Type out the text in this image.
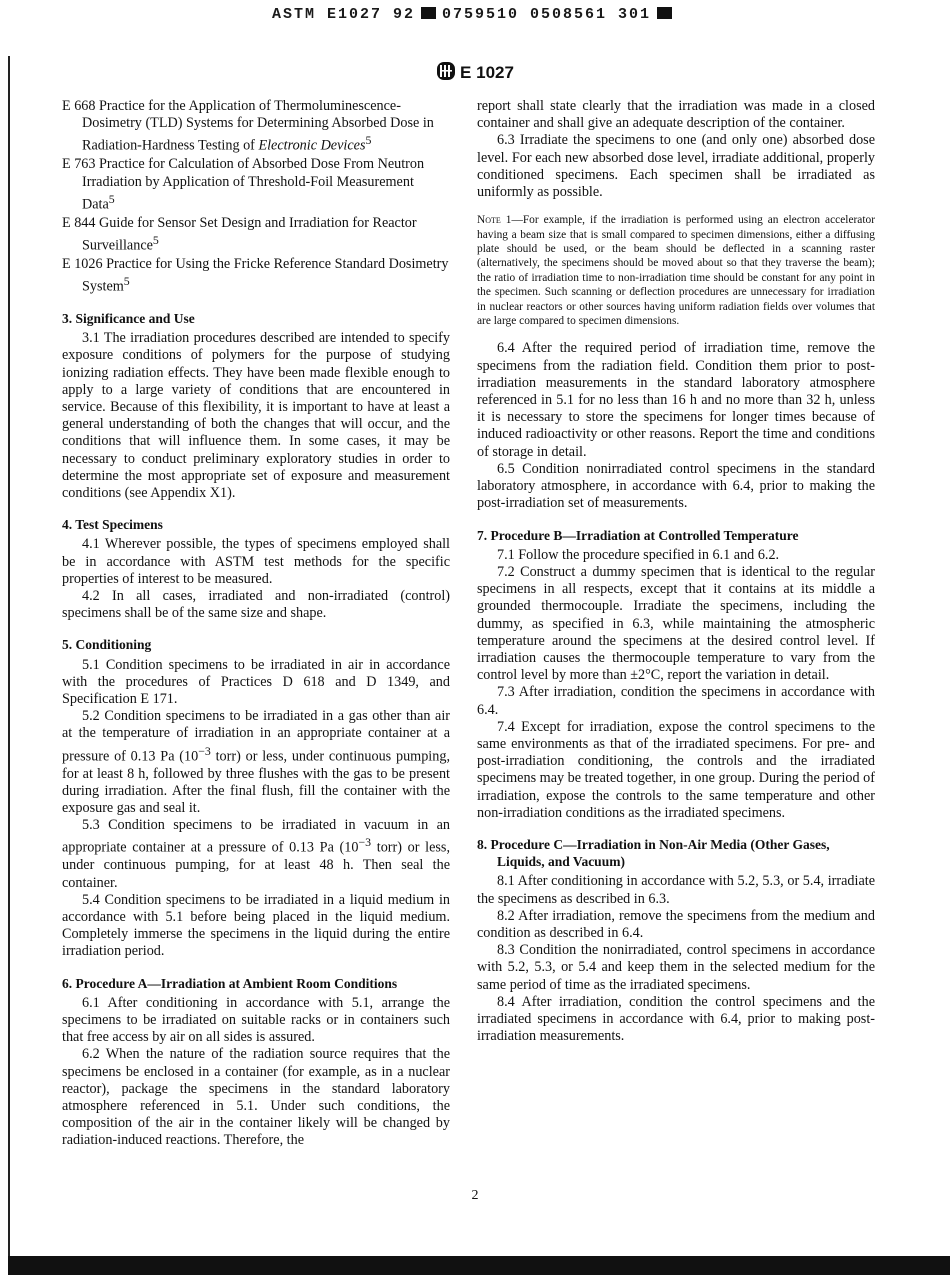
ASTM E1027 92 0759510 0508561 301
E 1027

E 668 Practice for the Application of Thermoluminescence-Dosimetry (TLD) Systems for Determining Absorbed Dose in Radiation-Hardness Testing of Electronic Devices$^5$

E 763 Practice for Calculation of Absorbed Dose From Neutron Irradiation by Application of Threshold-Foil Measurement Data$^5$

E 844 Guide for Sensor Set Design and Irradiation for Reactor Surveillance$^5$

E 1026 Practice for Using the Fricke Reference Standard Dosimetry System$^5$

3. Significance and Use

3.1 The irradiation procedures described are intended to specify exposure conditions of polymers for the purpose of studying ionizing radiation effects. They have been made flexible enough to apply to a large variety of conditions that are encountered in service. Because of this flexibility, it is important to have at least a general understanding of both the changes that will occur, and the conditions that will influence them. In some cases, it may be necessary to conduct preliminary exploratory studies in order to determine the most appropriate set of exposure and measurement conditions (see Appendix X1).

4. Test Specimens

4.1 Wherever possible, the types of specimens employed shall be in accordance with ASTM test methods for the specific properties of interest to be measured.

4.2 In all cases, irradiated and non-irradiated (control) specimens shall be of the same size and shape.

5. Conditioning

5.1 Condition specimens to be irradiated in air in accordance with the procedures of Practices D 618 and D 1349, and Specification E 171.

5.2 Condition specimens to be irradiated in a gas other than air at the temperature of irradiation in an appropriate container at a pressure of 0.13 Pa ($10^{-3}$ torr) or less, under continuous pumping, for at least 8 h, followed by three flushes with the gas to be present during irradiation. After the final flush, fill the container with the exposure gas and seal it.

5.3 Condition specimens to be irradiated in vacuum in an appropriate container at a pressure of 0.13 Pa ($10^{-3}$ torr) or less, under continuous pumping, for at least 48 h. Then seal the container.

5.4 Condition specimens to be irradiated in a liquid medium in accordance with 5.1 before being placed in the liquid medium. Completely immerse the specimens in the liquid during the entire irradiation period.

6. Procedure A—Irradiation at Ambient Room Conditions

6.1 After conditioning in accordance with 5.1, arrange the specimens to be irradiated on suitable racks or in containers such that free access by air on all sides is assured.

6.2 When the nature of the radiation source requires that the specimens be enclosed in a container (for example, as in a nuclear reactor), package the specimens in the standard laboratory atmosphere referenced in 5.1. Under such conditions, the composition of the air in the container likely will be changed by radiation-induced reactions. Therefore, the

report shall state clearly that the irradiation was made in a closed container and shall give an adequate description of the container.

6.3 Irradiate the specimens to one (and only one) absorbed dose level. For each new absorbed dose level, irradiate additional, properly conditioned specimens. Each specimen shall be irradiated as uniformly as possible.

Note 1—For example, if the irradiation is performed using an electron accelerator having a beam size that is small compared to specimen dimensions, either a diffusing plate should be used, or the beam should be deflected in a scanning raster (alternatively, the specimens should be moved about so that they traverse the beam); the ratio of irradiation time to non-irradiation time should be constant for any point in the specimen. Such scanning or deflection procedures are unnecessary for irradiation in nuclear reactors or other sources having uniform radiation fields over volumes that are large compared to specimen dimensions.

6.4 After the required period of irradiation time, remove the specimens from the radiation field. Condition them prior to post-irradiation measurements in the standard laboratory atmosphere referenced in 5.1 for no less than 16 h and no more than 32 h, unless it is necessary to store the specimens for longer times because of induced radioactivity or other reasons. Report the time and conditions of storage in detail.

6.5 Condition nonirradiated control specimens in the standard laboratory atmosphere, in accordance with 6.4, prior to making the post-irradiation set of measurements.

7. Procedure B—Irradiation at Controlled Temperature

7.1 Follow the procedure specified in 6.1 and 6.2.

7.2 Construct a dummy specimen that is identical to the regular specimens in all respects, except that it contains at its middle a grounded thermocouple. Irradiate the specimens, including the dummy, as specified in 6.3, while maintaining the atmospheric temperature around the specimens at the desired control level. If irradiation causes the thermocouple temperature to vary from the control level by more than ±2°C, report the variation in detail.

7.3 After irradiation, condition the specimens in accordance with 6.4.

7.4 Except for irradiation, expose the control specimens to the same environments as that of the irradiated specimens. For pre- and post-irradiation conditioning, the controls and the irradiated specimens may be treated together, in one group. During the period of irradiation, expose the controls to the same temperature and other non-irradiation conditions as the irradiated specimens.

8. Procedure C—Irradiation in Non-Air Media (Other Gases, Liquids, and Vacuum)

8.1 After conditioning in accordance with 5.2, 5.3, or 5.4, irradiate the specimens as described in 6.3.

8.2 After irradiation, remove the specimens from the medium and condition as described in 6.4.

8.3 Condition the nonirradiated, control specimens in accordance with 5.2, 5.3, or 5.4 and keep them in the selected medium for the same period of time as the irradiated specimens.

8.4 After irradiation, condition the control specimens and the irradiated specimens in accordance with 6.4, prior to making post-irradiation measurements.

2
